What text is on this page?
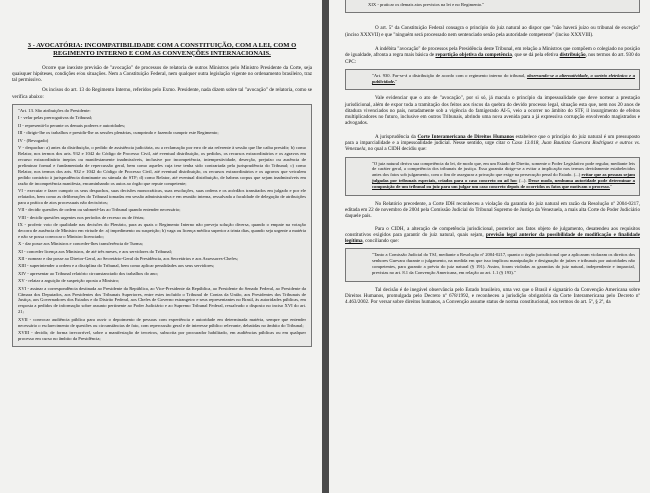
3 - AVOCATÓRIA: INCOMPATIBILIDADE COM A CONSTITUIÇÃO, COM A LEI, COM O REGIMENTO INTERNO E COM AS CONVENÇÕES INTERNACIONAIS.

Ocorre que inexiste previsão de "avocação" de processos de relatoria de outros Ministros pelo Ministro Presidente da Corte, seja quaisquer hipóteses, condições e/ou situações. Nem a Constituição Federal, nem qualquer outra legislação vigente no ordenamento brasileiro, traz tal permissivo.

Os incisos do art. 13 do Regimento Interno, referidos pelo Exmo. Presidente, nada dizem sobre tal "avocação" de relatoria, como se verifica abaixo:

"Art. 13. São atribuições do Presidente:

I - velar pelas prerrogativas do Tribunal;

II - representá-lo perante os demais poderes e autoridades;

III - dirigir-lhe os trabalhos e presidir-lhe as sessões plenárias, cumprindo e fazendo cumprir este Regimento;

IV - (Revogado)

V - despachar: a) antes da distribuição, o pedido de assistência judiciária, ou a reclamação por erro de ata referente à sessão que lhe caiba presidir; b) como Relator, nos termos dos arts. 932 e 1042 do Código de Processo Civil, até eventual distribuição, os pedidos, os recursos extraordinários e os agravos em recurso extraordinário ineptos ou manifestamente inadmissíveis, inclusive por incompetência, intempestividade, deserção, prejuízo ou ausência de preliminar formal e fundamentada de repercussão geral, bem como aqueles cuja tese tenha sido contrariada pela jurisprudência do Tribunal; c) como Relator, nos termos dos arts. 932 e 1042 do Código de Processo Civil, até eventual distribuição, os recursos extraordinários e os agravos que veiculem pedido contrário à jurisprudência dominante ou súmula do STF; d) como Relator, até eventual distribuição, de habeas corpus que sejam inadmissíveis em razão de incompetência manifesta, encaminhando os autos ao órgão que repute competente;

VI - executar e fazer cumprir os seus despachos, suas decisões monocráticas, suas resoluções, suas ordens e os acórdãos transitados em julgado e por ele relatados, bem como as deliberações do Tribunal tomadas em sessão administrativa e em reunião interna, ressalvada a faculdade de delegação de atribuições para a prática de atos processuais não decisórios;

VII - decidir questões de ordem ou submetê-las ao Tribunal quando entender necessário;

VIII - decidir questões urgentes nos períodos de recesso ou de férias;

IX - proferir voto de qualidade nas decisões do Plenário, para as quais o Regimento Interno não preveja solução diversa, quando o empate na votação decorra de ausência de Ministro em virtude de: a) impedimento ou suspeição; b) vaga ou licença médica superior a trinta dias, quando seja urgente a matéria e não se possa convocar o Ministro licenciado;

X - dar posse aos Ministros e conceder-lhes transferência de Turma;

XI - conceder licença aos Ministros, de até três meses, e aos servidores do Tribunal;

XII - nomear e dar posse ao Diretor-Geral, ao Secretário-Geral da Presidência, aos Secretários e aos Assessores-Chefes;

XIII - superintender a ordem e a disciplina do Tribunal, bem como aplicar penalidades aos seus servidores;

XIV - apresentar ao Tribunal relatório circunstanciado dos trabalhos do ano;

XV - relatar a arguição de suspeição oposta a Ministro;

XVI - assinar a correspondência destinada ao Presidente da República, ao Vice-Presidente da República, ao Presidente do Senado Federal, ao Presidente da Câmara dos Deputados, aos Presidentes dos Tribunais Superiores, entre estes incluído o Tribunal de Contas da União, aos Presidentes dos Tribunais de Justiça, aos Governadores dos Estados e do Distrito Federal, aos Chefes de Governo estrangeiro e seus representantes no Brasil, às autoridades públicas, em resposta a pedidos de informação sobre assunto pertinente ao Poder Judiciário e ao Supremo Tribunal Federal, ressalvado o disposto no inciso XVI do art. 21;

XVII - convocar audiência pública para ouvir o depoimento de pessoas com experiência e autoridade em determinada matéria, sempre que entender necessário o esclarecimento de questões ou circunstâncias de fato, com repercussão geral e de interesse público relevante, debatidas no âmbito do Tribunal;

XVIII - decidir, de forma irrecorrível, sobre a manifestação de terceiros, subscrita por procurador habilitado, em audiências públicas ou em qualquer processo em curso no âmbito da Presidência;

XIX - praticar os demais atos previstos na lei e no Regimento."

O art. 5º da Constituição Federal consagra o princípio do juiz natural ao dispor que "não haverá juízo ou tribunal de exceção" (inciso XXXVII) e que "ninguém será processado nem sentenciado senão pela autoridade competente" (inciso XXXVIII).

A indébita "avocação" de processos pela Presidência deste Tribunal, em relação a Ministros que compõem o colegiado no posição de igualdade, afronta a regra mais básica de repartição objetiva da competência, que se dá pela efetiva distribuição, nos termos do art. 930 do CPC:

"Art. 930. Far-se-á a distribuição de acordo com o regimento interno do tribunal, observando-se a alternatividade, o sorteio eletrônico e a publicidade."

Vale evidenciar que o ato de "avocação", por si só, já macula o princípio da impessoalidade que deve nortear a prestação jurisdicional, além de expor toda a tramitação dos feitos aos riscos da quebra do devido processo legal, situação esta que, nem nos 20 anos de ditadura vivenciados no país, notadamente sob a vigência do famigerado AI-5, veio a ocorrer no âmbito do STF, il insurgimento de efeitos multiplicadores no futuro, inclusive em outros Tribunais, abrindo uma nova avenida para a já expressiva corrupção envolvendo magistrados e advogados.

A jurisprudência da Corte Interamericana de Direitos Humanos estabelece que o princípio do juiz natural é um pressuposto para a imparcialidade e a impessoalidade judicial. Nesse sentido, urge citar o Caso 13.018, Juan Bautista Guevara Rodríguez e outros vs. Venezuela, no qual a CIDH decidiu que:

"O juiz natural deriva sua competência da lei, de modo que, em um Estado de Direito, somente o Poder Legislativo pode regular, mediante leis de caráter geral, a competência dos tribunais de justiça. Essa garantia dirige-se a evitar a implicação nos termos devidamente estabelecidos antes dos fatos sob julgamento, com o fim de assegurar a privação que exige na persecução penal do Estado. (...) evitar que as pessoas sejam julgadas por tribunais especiais, criados para o caso concreto ou ad hoc (...). Desse modo, nenhuma autoridade pode determinar a composição de um tribunal ou juiz para um julgar um caso concreto depois de ocorridos os fatos que motivam o processo."

No Relatório precedente, a Corte IDH reconheceu a violação da garantia do juiz natural em razão da Resolução nº 2004-0217, editada em 22 de novembro de 2004 pela Comissão Judicial do Tribunal Supremo de Justiça da Venezuela, a mais alta Corte do Poder Judiciário daquele país.

Para o CIDH, a alteração de competência jurisdicional, posterior aos fatos objeto de julgamento, desatendeu aos requisitos constitutivos exigidos para garantir do juiz natural, quais sejam, previsão legal anterior da possibilidade de modificação e finalidade legítima, conciliando que:

"Tanto a Comissão Judicial do TSJ, mediante a Resolução nº 2004-0217, quanto o órgão jurisdicional que a aplicaram violaram os direitos dos senhores Guevara durante o julgamento, na medida em que isso implicou manipulação e designação de juízes e tribunais por autoridades não competentes, para garantir a prévia do juiz natural (§ 191). Assim, foram violadas as garantias do juiz natural, independente e imparcial, previstas no art. 8.1 da Convenção Americana, em relação ao art. 1.1 (§ 193)."

Tal decisão é de inegável observância pelo Estado brasileiro, uma vez que o Brasil é signatário da Convenção Americana sobre Direitos Humanos, promulgada pelo Decreto nº 678/1992, e reconheceu a jurisdição obrigatória da Corte Interamericana pelo Decreto nº 4.463/2002. Por versar sobre direitos humanos, a Convenção assume status de norma constitucional, nos termos do art. 5º, § 2º, da
